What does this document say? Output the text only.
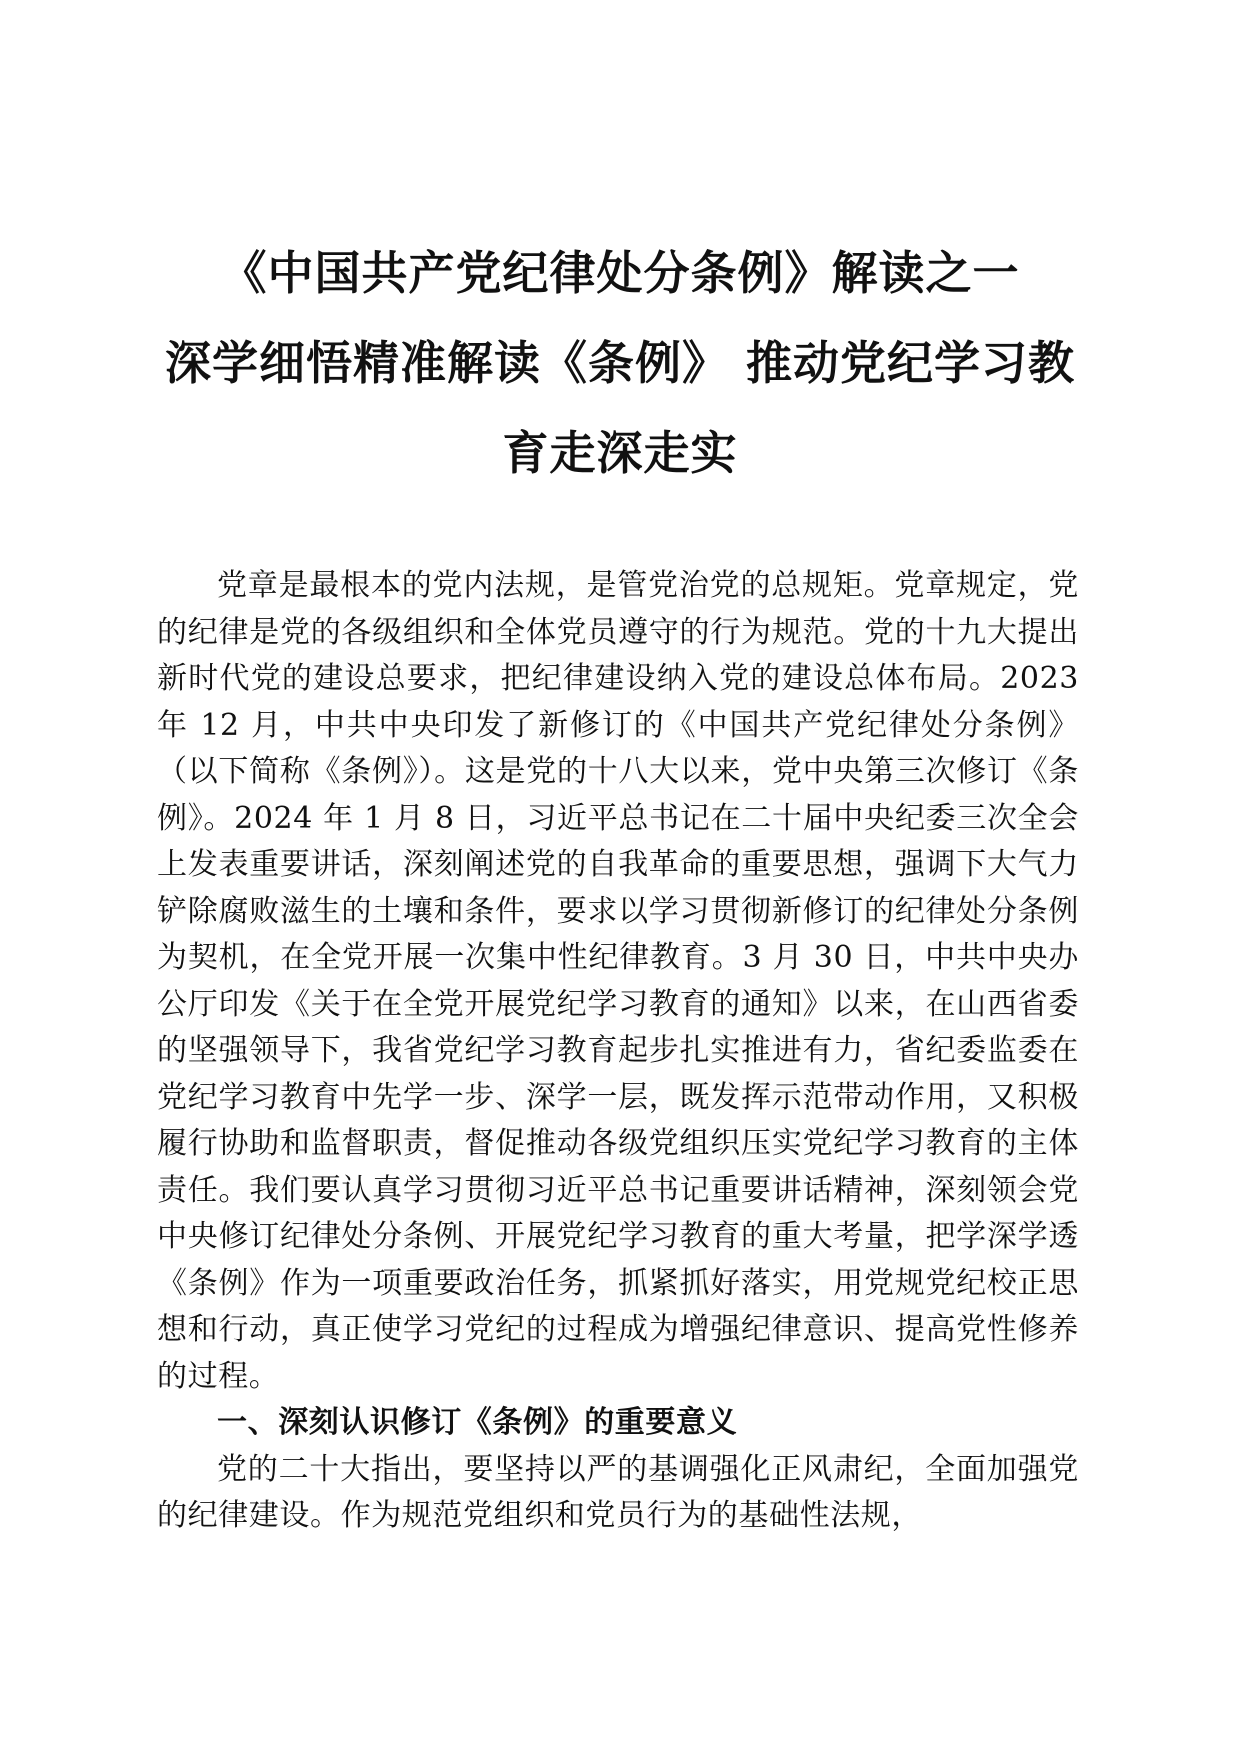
《中国共产党纪律处分条例》解读之一
深学细悟精准解读《条例》 推动党纪学习教
育走深走实

党章是最根本的党内法规，是管党治党的总规矩。党章规定，党的纪律是党的各级组织和全体党员遵守的行为规范。党的十九大提出新时代党的建设总要求，把纪律建设纳入党的建设总体布局。2023 年 12 月，中共中央印发了新修订的《中国共产党纪律处分条例》（以下简称《条例》）。这是党的十八大以来，党中央第三次修订《条例》。2024 年 1 月 8 日，习近平总书记在二十届中央纪委三次全会上发表重要讲话，深刻阐述党的自我革命的重要思想，强调下大气力铲除腐败滋生的土壤和条件，要求以学习贯彻新修订的纪律处分条例为契机，在全党开展一次集中性纪律教育。3 月 30 日，中共中央办公厅印发《关于在全党开展党纪学习教育的通知》以来，在山西省委的坚强领导下，我省党纪学习教育起步扎实推进有力，省纪委监委在党纪学习教育中先学一步、深学一层，既发挥示范带动作用，又积极履行协助和监督职责，督促推动各级党组织压实党纪学习教育的主体责任。我们要认真学习贯彻习近平总书记重要讲话精神，深刻领会党中央修订纪律处分条例、开展党纪学习教育的重大考量，把学深学透《条例》作为一项重要政治任务，抓紧抓好落实，用党规党纪校正思想和行动，真正使学习党纪的过程成为增强纪律意识、提高党性修养的过程。

一、深刻认识修订《条例》的重要意义

党的二十大指出，要坚持以严的基调强化正风肃纪，全面加强党的纪律建设。作为规范党组织和党员行为的基础性法规，
